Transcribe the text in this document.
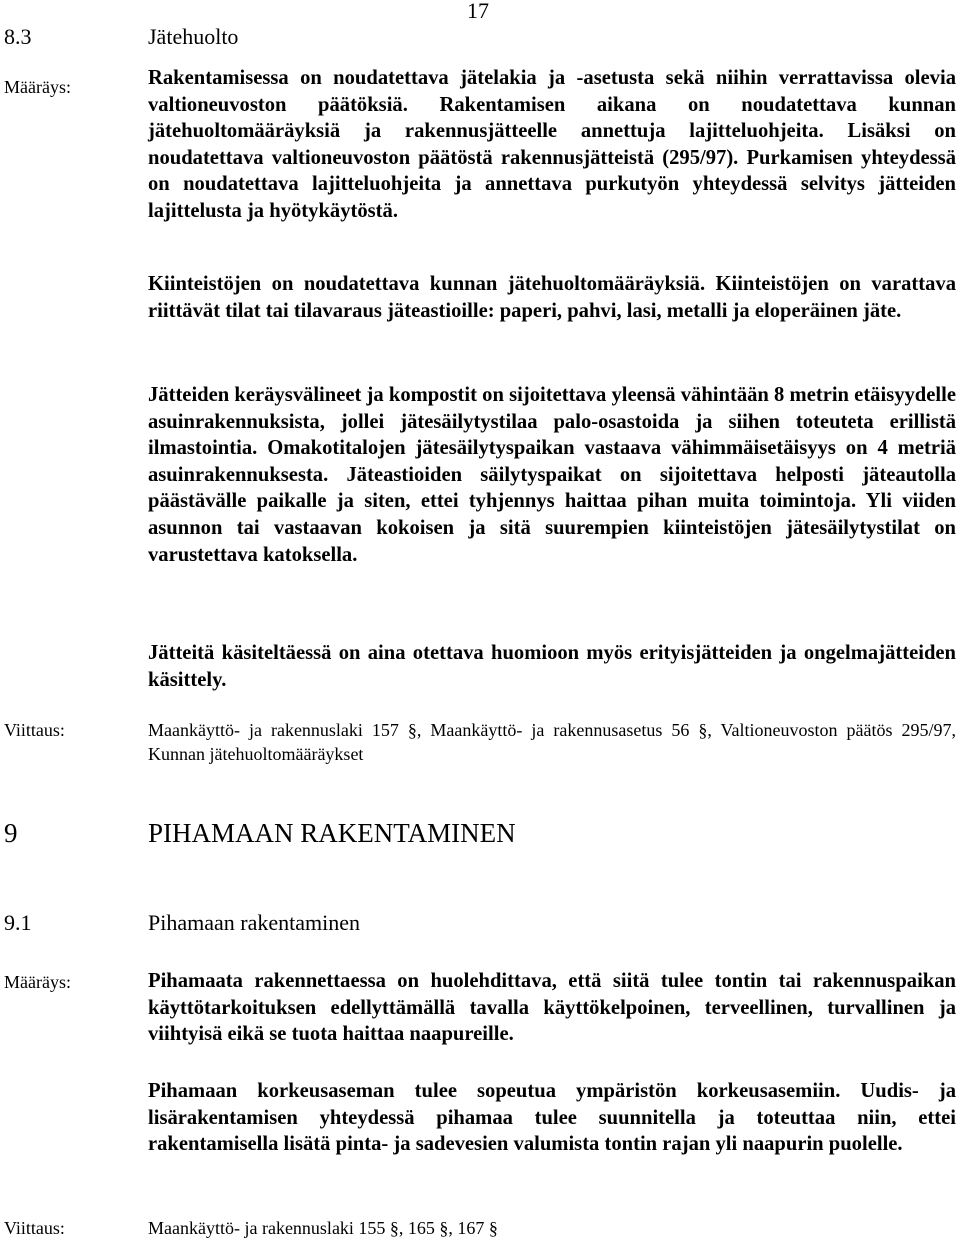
17
8.3	Jätehuolto
Määräys:	Rakentamisessa on noudatettava jätelakia ja -asetusta sekä niihin verrattavissa olevia valtioneuvoston päätöksiä. Rakentamisen aikana on noudatettava kunnan jätehuoltomääräyksiä ja rakennusjätteelle annettuja lajitteluohjeita. Lisäksi on noudatettava valtioneuvoston päätöstä rakennusjätteistä (295/97). Purkamisen yhteydessä on noudatettava lajitteluohjeita ja annettava purkutyön yhteydessä selvitys jätteiden lajittelusta ja hyötykäytöstä.

Kiinteistöjen on noudatettava kunnan jätehuoltomääräyksiä. Kiinteistöjen on varattava riittävät tilat tai tilavaraus jäteastioille: paperi, pahvi, lasi, metalli ja eloperäinen jäte.

Jätteiden keräysvälineet ja kompostit on sijoitettava yleensä vähintään 8 metrin etäisyydelle asuinrakennuksista, jollei jätesäilytystilaa palo-osastoida ja siihen toteuteta erillistä ilmastointia. Omakotitalojen jätesäilytyspaikan vastaava vähimmäisetäisyys on 4 metriä asuinrakennuksesta. Jäteastioiden säilytyspaikat on sijoitettava helposti jäteautolla päästävälle paikalle ja siten, ettei tyhjennys haittaa pihan muita toimintoja. Yli viiden asunnon tai vastaavan kokoisen ja sitä suurempien kiinteistöjen jätesäilytystilat on varustettava katoksella.

Jätteitä käsiteltäessä on aina otettava huomioon myös erityisjätteiden ja ongelmajätteiden käsittely.

Viittaus:	Maankäyttö- ja rakennuslaki 157 §, Maankäyttö- ja rakennusasetus 56 §, Valtioneuvoston päätös 295/97, Kunnan jätehuoltomääräykset

9	PIHAMAAN RAKENTAMINEN
9.1	Pihamaan rakentaminen
Määräys:	Pihamaata rakennettaessa on huolehdittava, että siitä tulee tontin tai rakennuspaikan käyttötarkoituksen edellyttämällä tavalla käyttökelpoinen, terveellinen, turvallinen ja viihtyisä eikä se tuota haittaa naapureille.

Pihamaan korkeusaseman tulee sopeutua ympäristön korkeusasemiin. Uudis- ja lisärakentamisen yhteydessä pihamaa tulee suunnitella ja toteuttaa niin, ettei rakentamisella lisätä pinta- ja sadevesien valumista tontin rajan yli naapurin puolelle.

Viittaus:	Maankäyttö- ja rakennuslaki 155 §, 165 §, 167 §
